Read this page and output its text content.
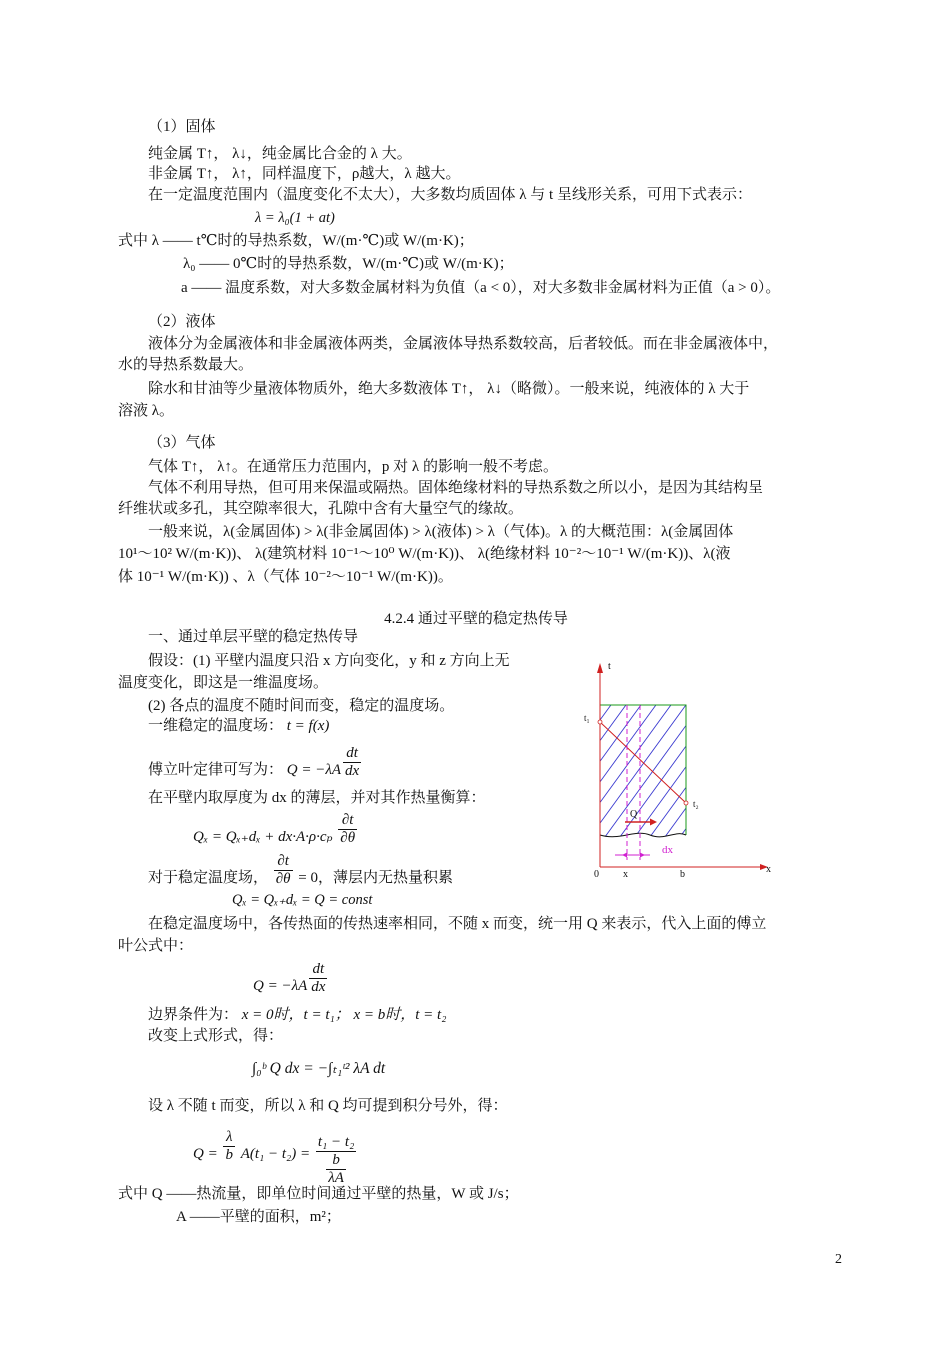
（1）固体
纯金属 T↑， λ↓，纯金属比合金的 λ 大。
非金属 T↑， λ↑，同样温度下，ρ越大，λ 越大。
在一定温度范围内（温度变化不太大），大多数均质固体 λ 与 t 呈线形关系，可用下式表示：
λ = λ₀(1 + at)
式中 λ —— t℃时的导热系数，W/(m·℃)或 W/(m·K)；
λ₀ —— 0℃时的导热系数，W/(m·℃)或 W/(m·K)；
a —— 温度系数，对大多数金属材料为负值（a < 0），对大多数非金属材料为正值（a > 0）。
（2）液体
液体分为金属液体和非金属液体两类，金属液体导热系数较高，后者较低。而在非金属液体中，
水的导热系数最大。
除水和甘油等少量液体物质外，绝大多数液体 T↑， λ↓（略微）。一般来说，纯液体的 λ 大于
溶液 λ。
（3）气体
气体 T↑， λ↑。在通常压力范围内，p 对 λ 的影响一般不考虑。
气体不利用导热，但可用来保温或隔热。固体绝缘材料的导热系数之所以小，是因为其结构呈
纤维状或多孔，其空隙率很大，孔隙中含有大量空气的缘故。
一般来说，λ(金属固体) > λ(非金属固体) > λ(液体) > λ（气体)。λ 的大概范围：λ(金属固体
10¹～10² W/(m·K))、 λ(建筑材料 10⁻¹～10⁰ W/(m·K))、 λ(绝缘材料 10⁻²～10⁻¹ W/(m·K))、λ(液
体 10⁻¹ W/(m·K)) 、λ（气体 10⁻²～10⁻¹ W/(m·K))。
4.2.4 通过平壁的稳定热传导
一、通过单层平壁的稳定热传导
假设：(1) 平壁内温度只沿 x 方向变化，y 和 z 方向上无
温度变化，即这是一维温度场。
(2) 各点的温度不随时间而变，稳定的温度场。
一维稳定的温度场： t = f(x)
傅立叶定律可写为： $Q = -\lambda A \frac{dt}{dx}$
在平壁内取厚度为 dx 的薄层，并对其作热量衡算：
$Q_x = Q_{x+}d_x + dx\cdot A\cdot\rho\cdot c_p \frac{\partial t}{\partial\theta}$
对于稳定温度场， $\frac{\partial t}{\partial\theta} = 0$，薄层内无热量积累
Qₓ = Qₓ₊dₓ = Q = const
在稳定温度场中，各传热面的传热速率相同，不随 x 而变，统一用 Q 来表示，代入上面的傅立
叶公式中：
$Q = -\lambda A \frac{dt}{dx}$
边界条件为： x = 0时，t = t₁； x = b时，t = t₂
改变上式形式，得：
∫₀ᵇ Q dx = −∫ₜ₁ᵗ² λA dt
设 λ 不随 t 而变，所以 λ 和 Q 均可提到积分号外，得：
$Q = \frac{\lambda}{b} A(t_1 - t_2) = \frac{\text{t₁ − t₂}}{\frac{b}{\lambda A}}$
式中 Q ——热流量，即单位时间通过平壁的热量，W 或 J/s；
A ——平壁的面积，m²；
t
x
t₁
t₂
Q
dx
0 x	b
2
